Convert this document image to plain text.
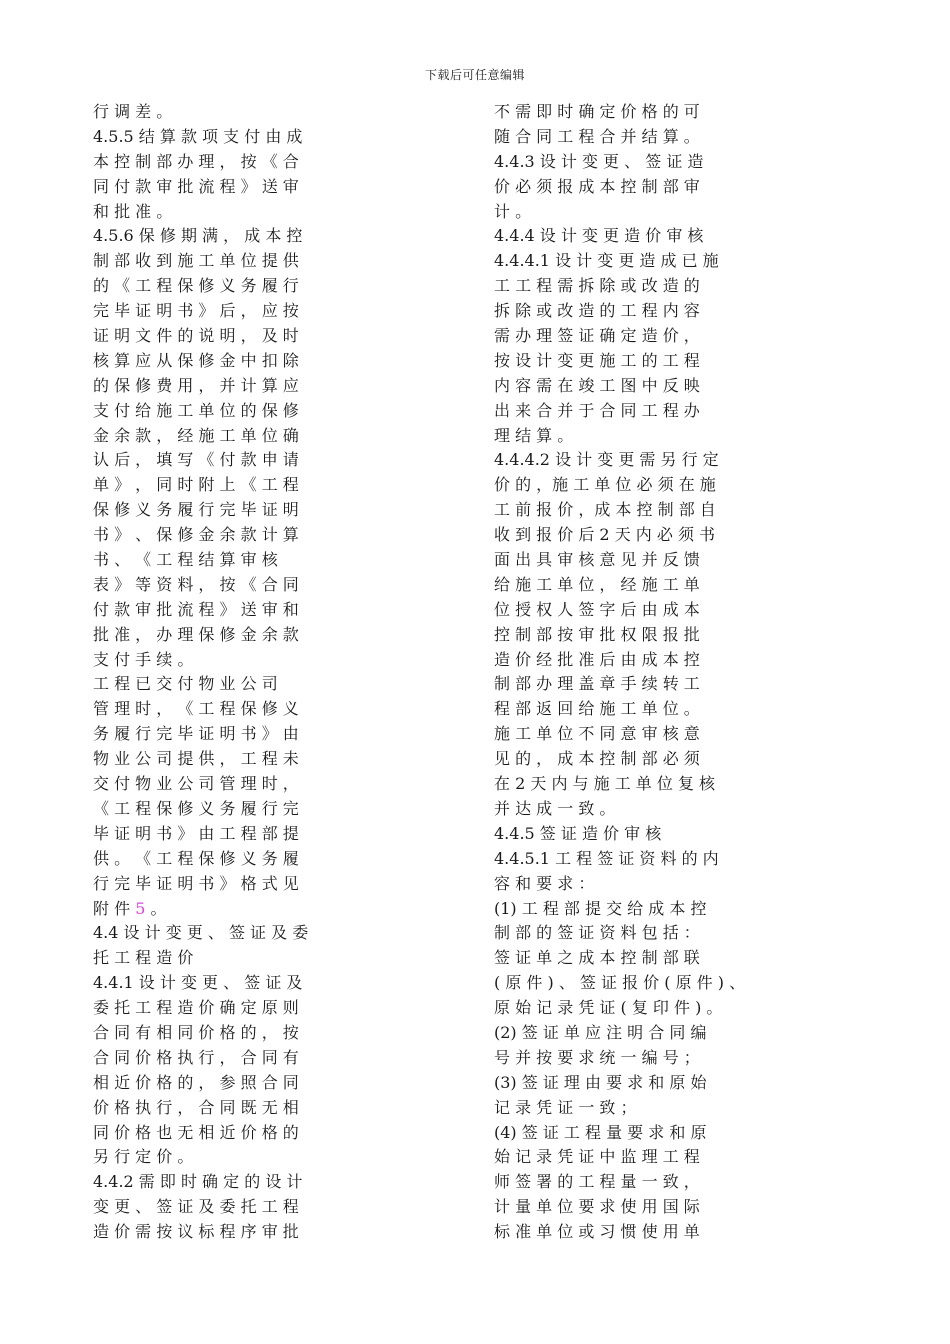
下载后可任意编辑
行 调 差 。
4.5.5 结 算 款 项 支 付 由 成
本 控 制 部 办 理 ， 按 《 合
同 付 款 审 批 流 程 》 送 审
和 批 准 。
4.5.6 保 修 期 满 ， 成 本 控
制 部 收 到 施 工 单 位 提 供
的 《 工 程 保 修 义 务 履 行
完 毕 证 明 书 》 后 ， 应 按
证 明 文 件 的 说 明 ， 及 时
核 算 应 从 保 修 金 中 扣 除
的 保 修 费 用 ， 并 计 算 应
支 付 给 施 工 单 位 的 保 修
金 余 款 ， 经 施 工 单 位 确
认 后 ， 填 写 《 付 款 申 请
单 》 ， 同 时 附 上 《 工 程
保 修 义 务 履 行 完 毕 证 明
书 》 、 保 修 金 余 款 计 算
书 、 《 工 程 结 算 审 核
表 》 等 资 料 ， 按 《 合 同
付 款 审 批 流 程 》 送 审 和
批 准 ， 办 理 保 修 金 余 款
支 付 手 续 。
工 程 已 交 付 物 业 公 司
管 理 时 ， 《 工 程 保 修 义
务 履 行 完 毕 证 明 书 》 由
物 业 公 司 提 供 ， 工 程 未
交 付 物 业 公 司 管 理 时 ，
《 工 程 保 修 义 务 履 行 完
毕 证 明 书 》 由 工 程 部 提
供 。 《 工 程 保 修 义 务 履
行 完 毕 证 明 书 》 格 式 见
附 件 5 。
4.4 设 计 变 更 、 签 证 及 委
托 工 程 造 价
4.4.1 设 计 变 更 、 签 证 及
委 托 工 程 造 价 确 定 原 则
合 同 有 相 同 价 格 的 ， 按
合 同 价 格 执 行 ， 合 同 有
相 近 价 格 的 ， 参 照 合 同
价 格 执 行 ， 合 同 既 无 相
同 价 格 也 无 相 近 价 格 的
另 行 定 价 。
4.4.2 需 即 时 确 定 的 设 计
变 更 、 签 证 及 委 托 工 程
造 价 需 按 议 标 程 序 审 批
不 需 即 时 确 定 价 格 的 可
随 合 同 工 程 合 并 结 算 。
4.4.3 设 计 变 更 、 签 证 造
价 必 须 报 成 本 控 制 部 审
计 。
4.4.4 设 计 变 更 造 价 审 核
4.4.4.1 设 计 变 更 造 成 已 施
工 工 程 需 拆 除 或 改 造 的
拆 除 或 改 造 的 工 程 内 容
需 办 理 签 证 确 定 造 价 ，
按 设 计 变 更 施 工 的 工 程
内 容 需 在 竣 工 图 中 反 映
出 来 合 并 于 合 同 工 程 办
理 结 算 。
4.4.4.2 设 计 变 更 需 另 行 定
价 的 ，施 工 单 位 必 须 在 施
工 前 报 价 ，成 本 控 制 部 自
收 到 报 价 后 2 天 内 必 须 书
面 出 具 审 核 意 见 并 反 馈
给 施 工 单 位 ， 经 施 工 单
位 授 权 人 签 字 后 由 成 本
控 制 部 按 审 批 权 限 报 批
造 价 经 批 准 后 由 成 本 控
制 部 办 理 盖 章 手 续 转 工
程 部 返 回 给 施 工 单 位 。
施 工 单 位 不 同 意 审 核 意
见 的 ， 成 本 控 制 部 必 须
在 2 天 内 与 施 工 单 位 复 核
并 达 成 一 致 。
4.4.5 签 证 造 价 审 核
4.4.5.1 工 程 签 证 资 料 的 内
容 和 要 求 ：
(1) 工 程 部 提 交 给 成 本 控
制 部 的 签 证 资 料 包 括 ：
签 证 单 之 成 本 控 制 部 联
( 原 件 ) 、 签 证 报 价 ( 原 件 ) 、
原 始 记 录 凭 证 ( 复 印 件 ) 。
(2) 签 证 单 应 注 明 合 同 编
号 并 按 要 求 统 一 编 号 ；
(3) 签 证 理 由 要 求 和 原 始
记 录 凭 证 一 致 ；
(4) 签 证 工 程 量 要 求 和 原
始 记 录 凭 证 中 监 理 工 程
师 签 署 的 工 程 量 一 致 ，
计 量 单 位 要 求 使 用 国 际
标 准 单 位 或 习 惯 使 用 单
